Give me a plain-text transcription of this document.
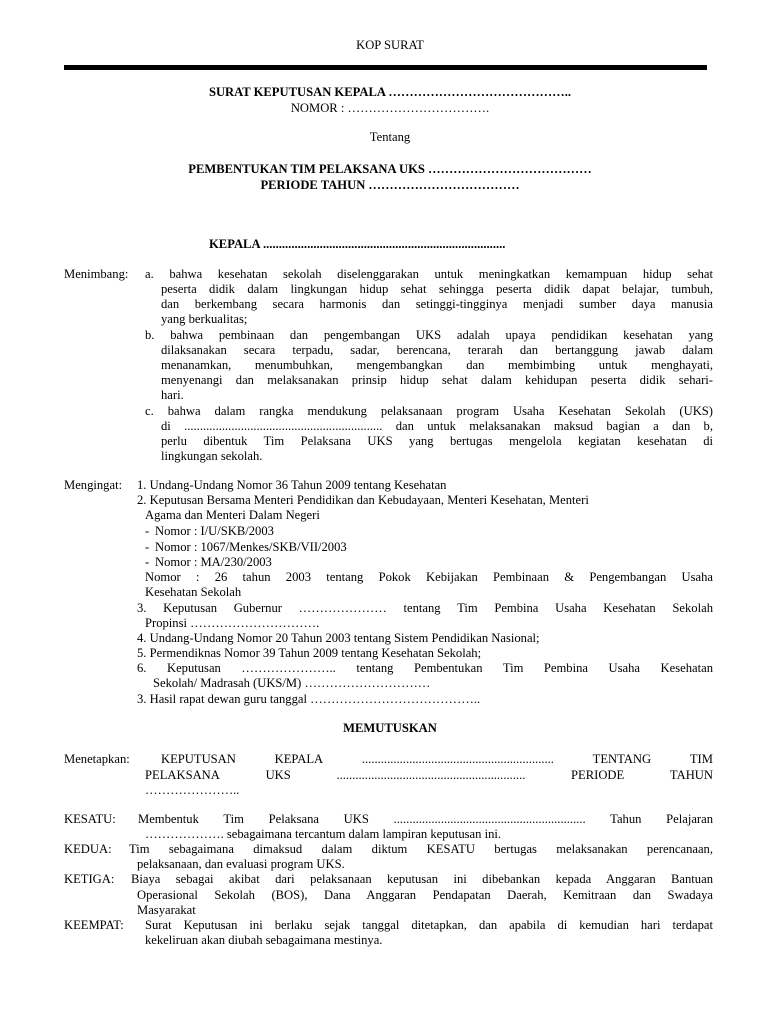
KOP SURAT
SURAT KEPUTUSAN KEPALA ……………………………………..
NOMOR : …………………………….
Tentang
PEMBENTUKAN TIM PELAKSANA UKS …………………………………
PERIODE TAHUN ………………………………
KEPALA .............................................................................
Menimbang: a. bahwa kesehatan sekolah diselenggarakan untuk meningkatkan kemampuan hidup sehat
peserta didik dalam lingkungan hidup sehat sehingga peserta didik dapat belajar, tumbuh,
dan berkembang secara harmonis dan setinggi-tingginya menjadi sumber daya manusia
yang berkualitas;
b. bahwa pembinaan dan pengembangan UKS adalah upaya pendidikan kesehatan yang
dilaksanakan secara terpadu, sadar, berencana, terarah dan bertanggung jawab dalam
menanamkan, menumbuhkan, mengembangkan dan membimbing untuk menghayati,
menyenangi dan melaksanakan prinsip hidup sehat dalam kehidupan peserta didik sehari-
hari.
c. bahwa dalam rangka mendukung pelaksanaan program Usaha Kesehatan Sekolah (UKS)
di ............................................................... dan untuk melaksanakan maksud bagian a dan b,
perlu dibentuk Tim Pelaksana UKS yang bertugas mengelola kegiatan kesehatan di
lingkungan sekolah.
Mengingat: 1. Undang-Undang Nomor 36 Tahun 2009 tentang Kesehatan
2. Keputusan Bersama Menteri Pendidikan dan Kebudayaan, Menteri Kesehatan, Menteri
Agama dan Menteri Dalam Negeri
- Nomor : I/U/SKB/2003
- Nomor : 1067/Menkes/SKB/VII/2003
- Nomor : MA/230/2003
Nomor : 26 tahun 2003 tentang Pokok Kebijakan Pembinaan & Pengembangan Usaha
Kesehatan Sekolah
3. Keputusan Gubernur ………………… tentang Tim Pembina Usaha Kesehatan Sekolah
Propinsi ………………………….
4. Undang-Undang Nomor 20 Tahun 2003 tentang Sistem Pendidikan Nasional;
5. Permendiknas Nomor 39 Tahun 2009 tentang Kesehatan Sekolah;
6. Keputusan ………………….. tentang Pembentukan Tim Pembina Usaha Kesehatan
Sekolah/ Madrasah (UKS/M) …………………………
3. Hasil rapat dewan guru tanggal …………………………………..
MEMUTUSKAN
Menetapkan: KEPUTUSAN	KEPALA	.............................................................	TENTANG	TIM
PELAKSANA	UKS	............................................................	PERIODE	TAHUN
…………………..
KESATU: Membentuk Tim Pelaksana UKS ............................................................. Tahun Pelajaran
………………. sebagaimana tercantum dalam lampiran keputusan ini.
KEDUA: Tim sebagaimana dimaksud dalam diktum KESATU bertugas melaksanakan perencanaan,
pelaksanaan, dan evaluasi program UKS.
KETIGA: Biaya sebagai akibat dari pelaksanaan keputusan ini dibebankan kepada Anggaran Bantuan
Operasional Sekolah (BOS), Dana Anggaran Pendapatan Daerah, Kemitraan dan Swadaya
Masyarakat
KEEMPAT: Surat Keputusan ini berlaku sejak tanggal ditetapkan, dan apabila di kemudian hari terdapat
kekeliruan akan diubah sebagaimana mestinya.
